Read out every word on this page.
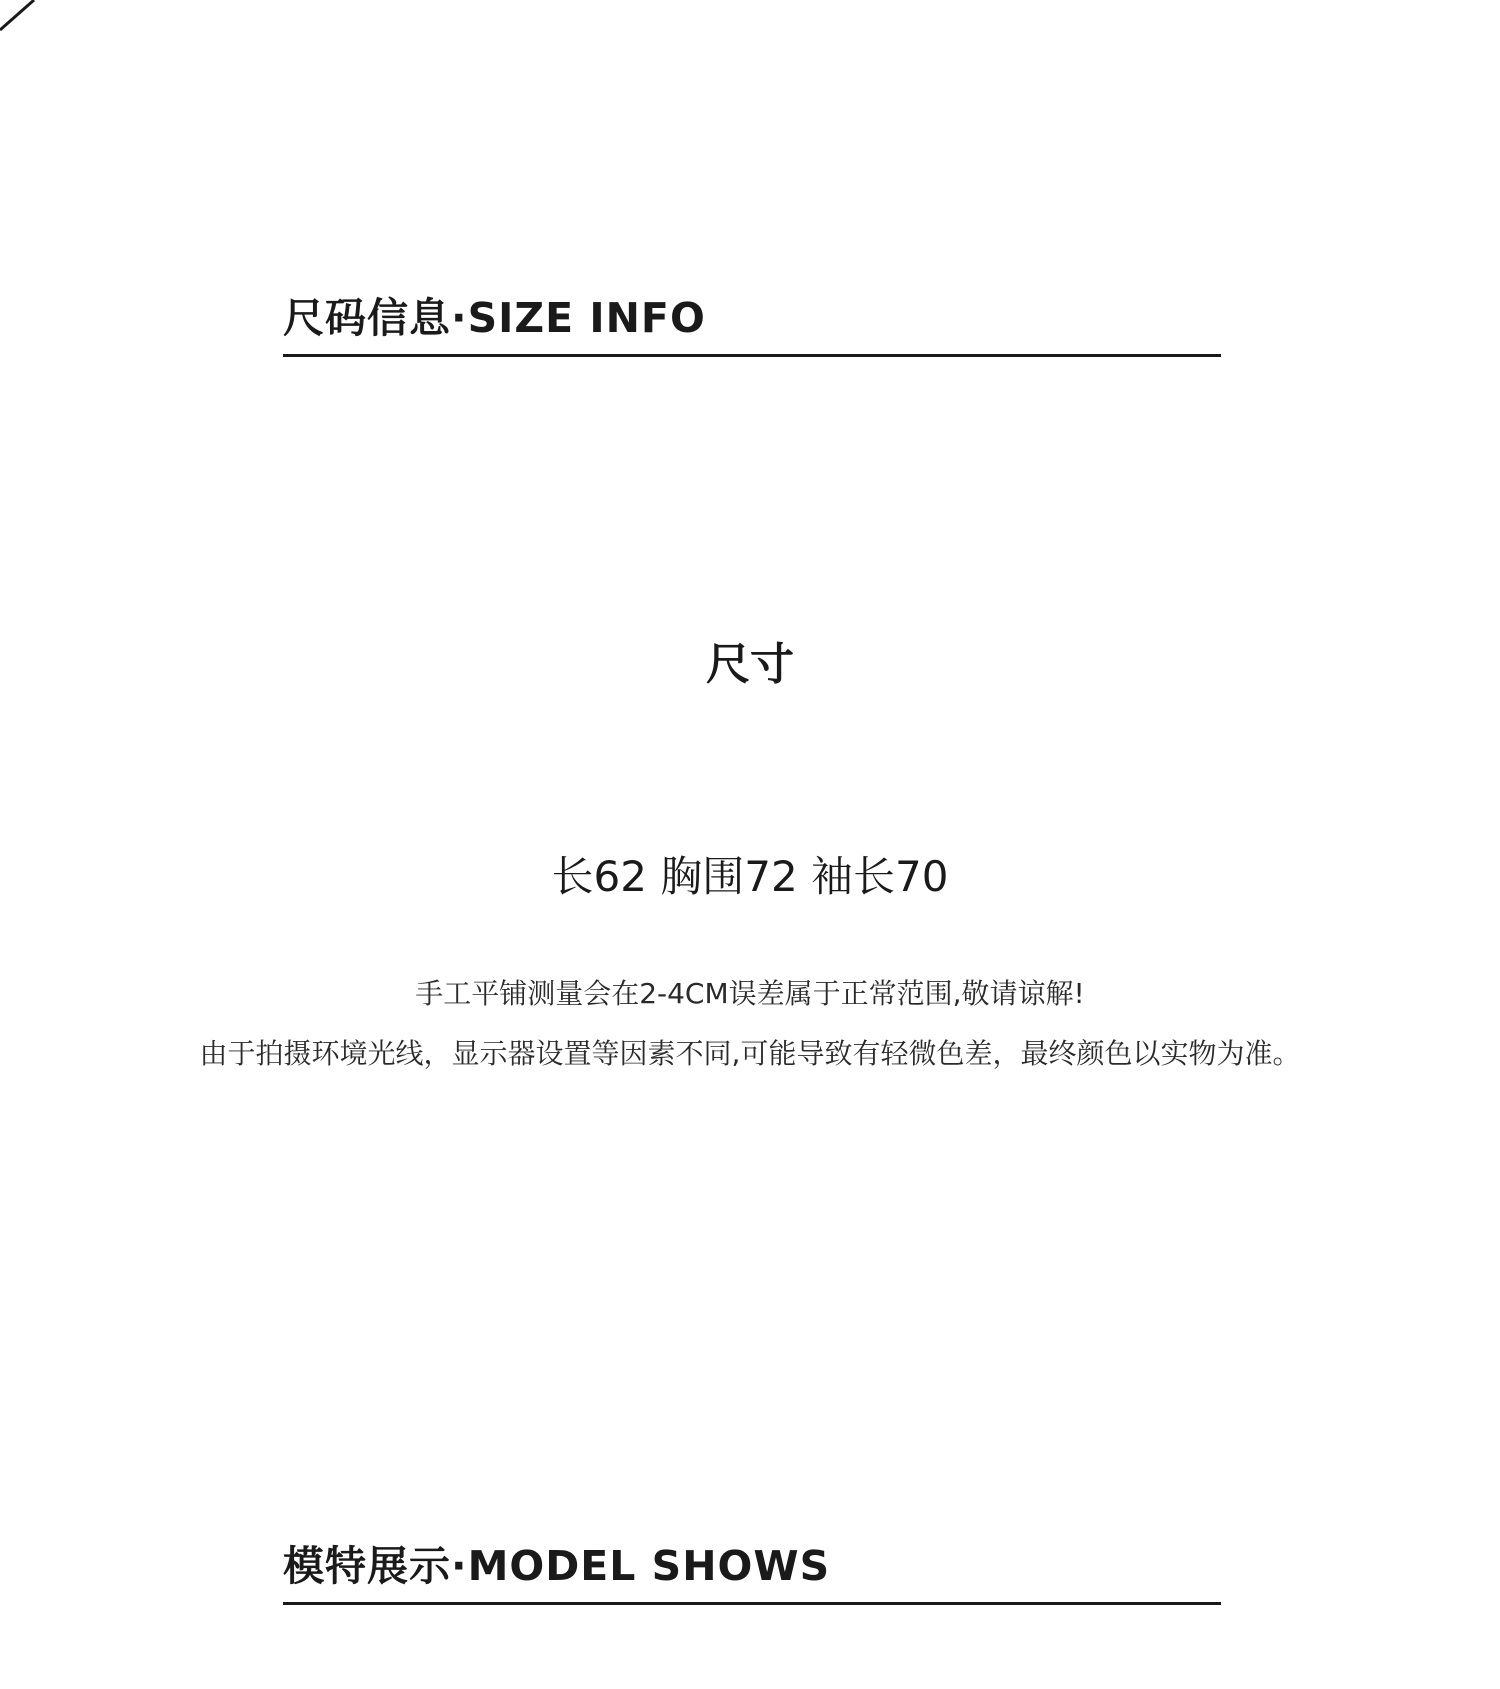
尺码信息·SIZE INFO
尺寸
长62 胸围72 袖长70
手工平铺测量会在2-4CM误差属于正常范围,敬请谅解!
由于拍摄环境光线，显示器设置等因素不同,可能导致有轻微色差，最终颜色以实物为准。
模特展示·MODEL SHOWS
